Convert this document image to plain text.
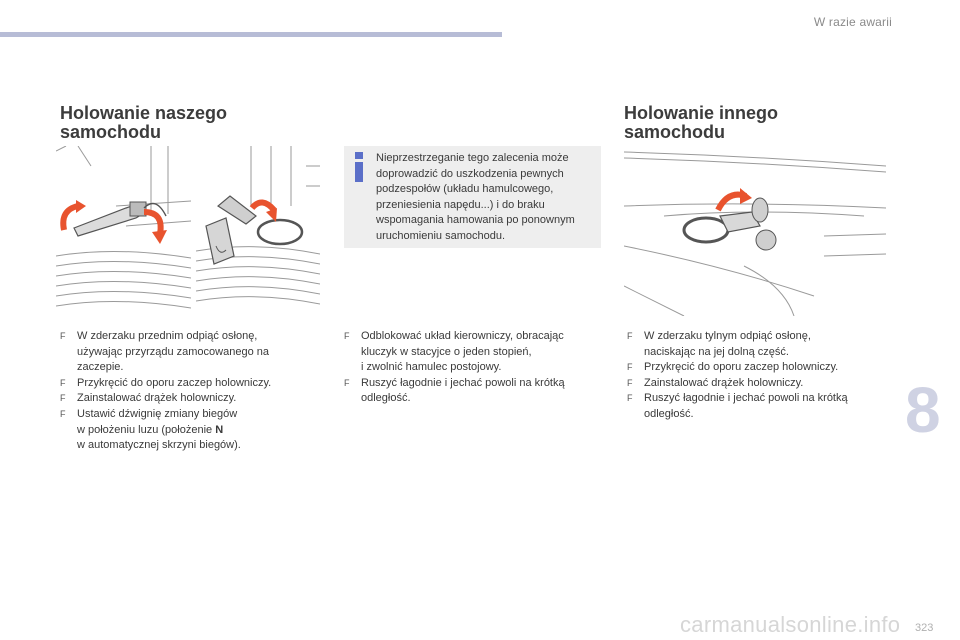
W razie awarii
Holowanie naszego
samochodu
F W zderzaku przednim odpiąć osłonę,
używając przyrządu zamocowanego na
zaczepie.
F Przykręcić do oporu zaczep holowniczy.
F Zainstalować drążek holowniczy.
F Ustawić dźwignię zmiany biegów
w położeniu luzu (położenie N
w automatycznej skrzyni biegów).
Nieprzestrzeganie tego zalecenia może doprowadzić do uszkodzenia pewnych podzespołów (układu hamulcowego, przeniesienia napędu...) i do braku wspomagania hamowania po ponownym uruchomieniu samochodu.
F Odblokować układ kierowniczy, obracając
kluczyk w stacyjce o jeden stopień,
i zwolnić hamulec postojowy.
F Ruszyć łagodnie i jechać powoli na krótką
odległość.
Holowanie innego
samochodu
F W zderzaku tylnym odpiąć osłonę,
naciskając na jej dolną część.
F Przykręcić do oporu zaczep holowniczy.
F Zainstalować drążek holowniczy.
F Ruszyć łagodnie i jechać powoli na krótką
odległość.	8
carmanualsonline.info 323
